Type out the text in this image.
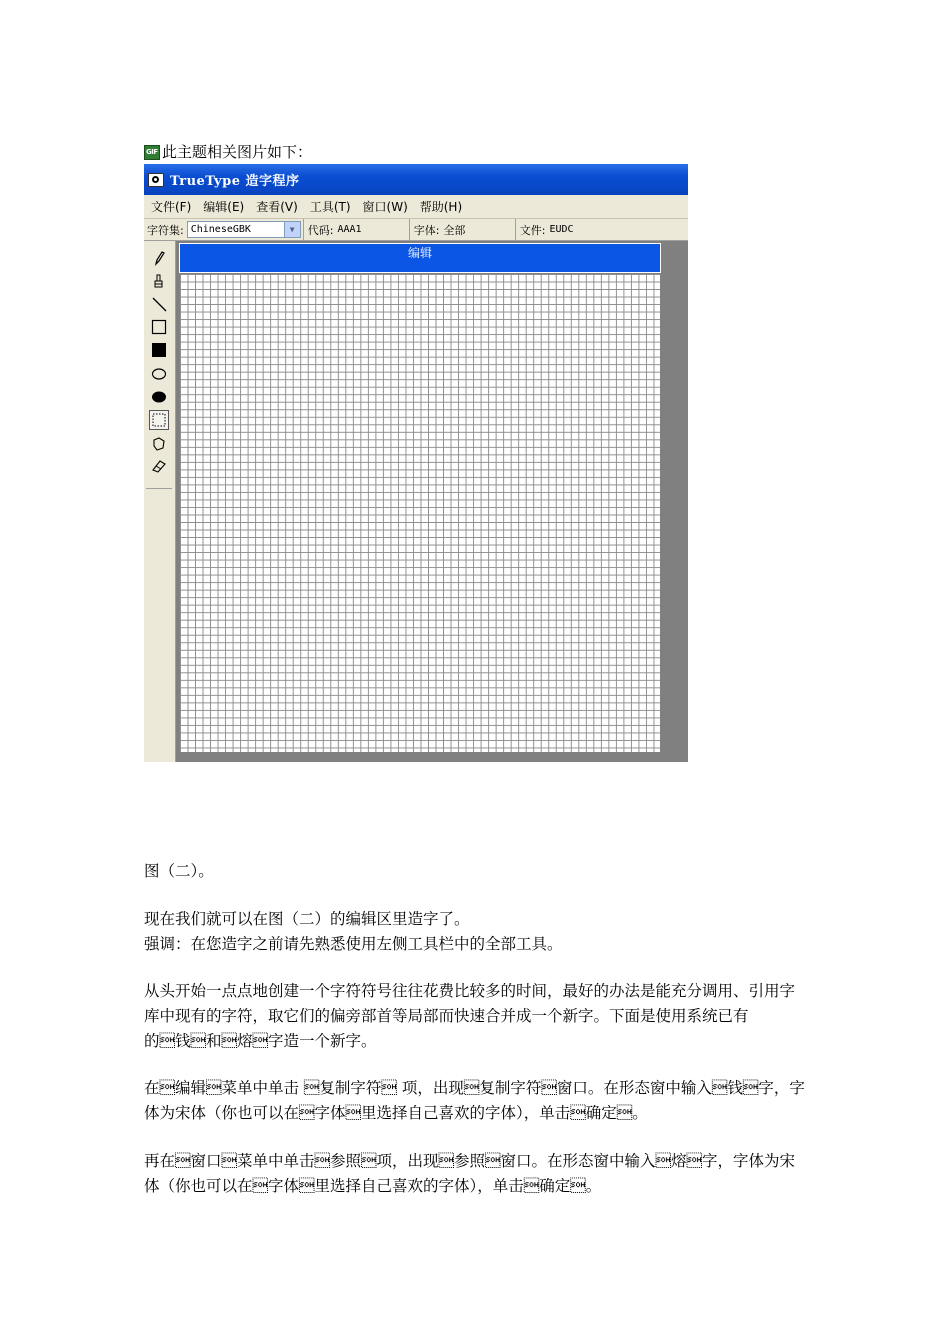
GIF 此主题相关图片如下：
TrueType 造字程序
文件(F) 编辑(E) 查看(V) 工具(T) 窗口(W) 帮助(H)
字符集: ChineseGBK	▼	代码: AAA1	字体: 全部	文件: EUDC
编辑
图（二）。
现在我们就可以在图（二）的编辑区里造字了。
强调：在您造字之前请先熟悉使用左侧工具栏中的全部工具。
从头开始一点点地创建一个字符符号往往花费比较多的时间，最好的办法是能充分调用、引用字库中现有的字符，取它们的偏旁部首等局部而快速合并成一个新字。下面是使用系统已有的钱和熔字造一个新字。
在编辑菜单中单击 复制字符 项，出现复制字符窗口。在形态窗中输入钱字，字体为宋体（你也可以在字体里选择自己喜欢的字体），单击确定。
再在窗口菜单中单击参照项，出现参照窗口。在形态窗中输入熔字，字体为宋体（你也可以在字体里选择自己喜欢的字体），单击确定。
